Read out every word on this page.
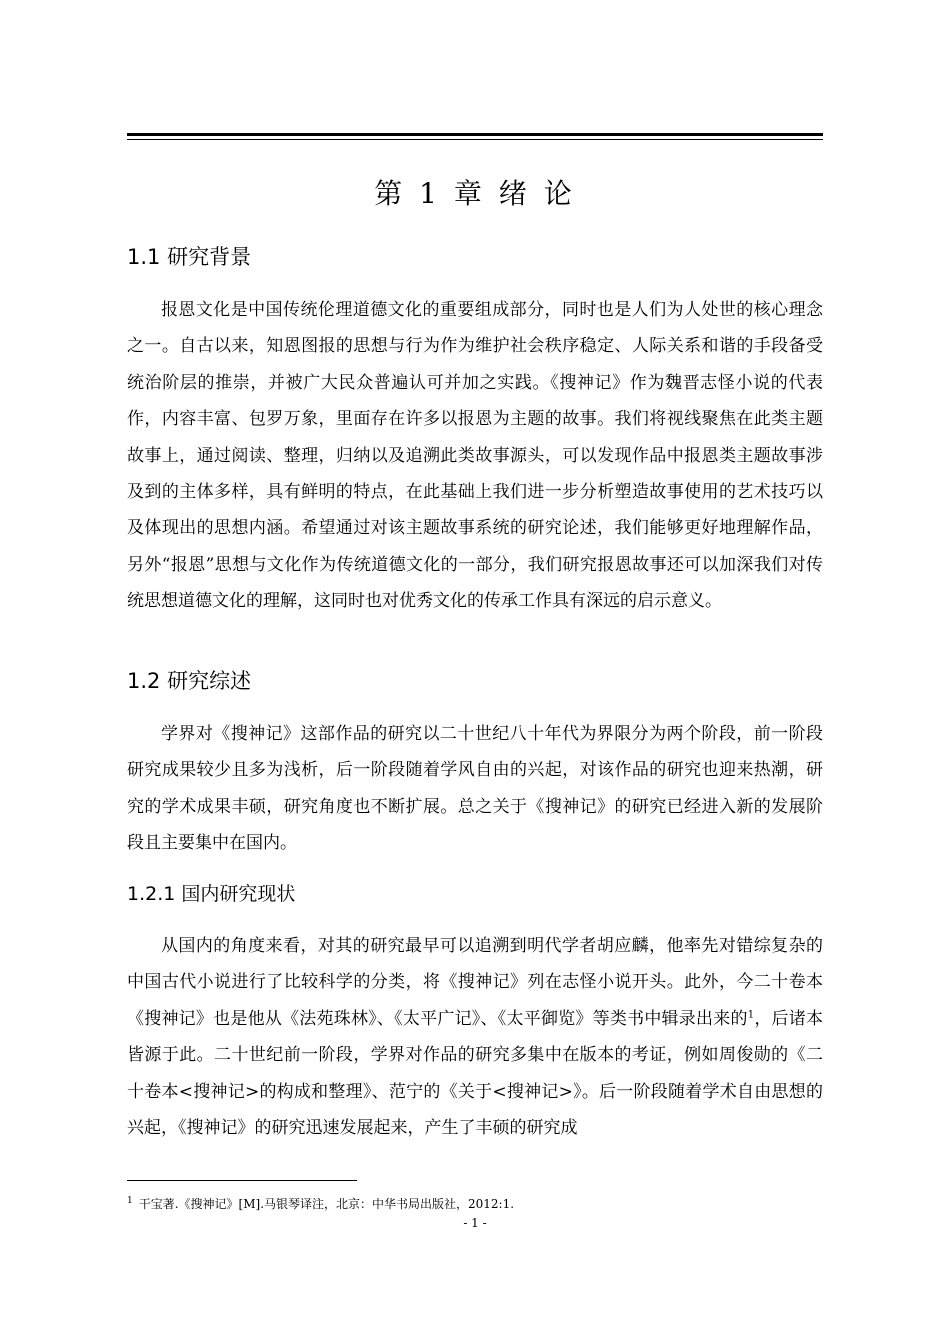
第 1 章 绪 论
1.1 研究背景

报恩文化是中国传统伦理道德文化的重要组成部分，同时也是人们为人处世的核心理念之一。自古以来，知恩图报的思想与行为作为维护社会秩序稳定、人际关系和谐的手段备受统治阶层的推崇，并被广大民众普遍认可并加之实践。《搜神记》作为魏晋志怪小说的代表作，内容丰富、包罗万象，里面存在许多以报恩为主题的故事。我们将视线聚焦在此类主题故事上，通过阅读、整理，归纳以及追溯此类故事源头，可以发现作品中报恩类主题故事涉及到的主体多样，具有鲜明的特点，在此基础上我们进一步分析塑造故事使用的艺术技巧以及体现出的思想内涵。希望通过对该主题故事系统的研究论述，我们能够更好地理解作品，另外“报恩”思想与文化作为传统道德文化的一部分，我们研究报恩故事还可以加深我们对传统思想道德文化的理解，这同时也对优秀文化的传承工作具有深远的启示意义。

1.2 研究综述

学界对《搜神记》这部作品的研究以二十世纪八十年代为界限分为两个阶段，前一阶段研究成果较少且多为浅析，后一阶段随着学风自由的兴起，对该作品的研究也迎来热潮，研究的学术成果丰硕，研究角度也不断扩展。总之关于《搜神记》的研究已经进入新的发展阶段且主要集中在国内。

1.2.1 国内研究现状

从国内的角度来看，对其的研究最早可以追溯到明代学者胡应麟，他率先对错综复杂的中国古代小说进行了比较科学的分类，将《搜神记》列在志怪小说开头。此外，今二十卷本《搜神记》也是他从《法苑珠林》、《太平广记》、《太平御览》等类书中辑录出来的$^1$，后诸本皆源于此。二十世纪前一阶段，学界对作品的研究多集中在版本的考证，例如周俊勋的《二十卷本<搜神记>的构成和整理》、范宁的《关于<搜神记>》。后一阶段随着学术自由思想的兴起，《搜神记》的研究迅速发展起来，产生了丰硕的研究成

$^1$ 干宝著.《搜神记》[M].马银琴译注，北京：中华书局出版社，2012:1.
- 1 -
